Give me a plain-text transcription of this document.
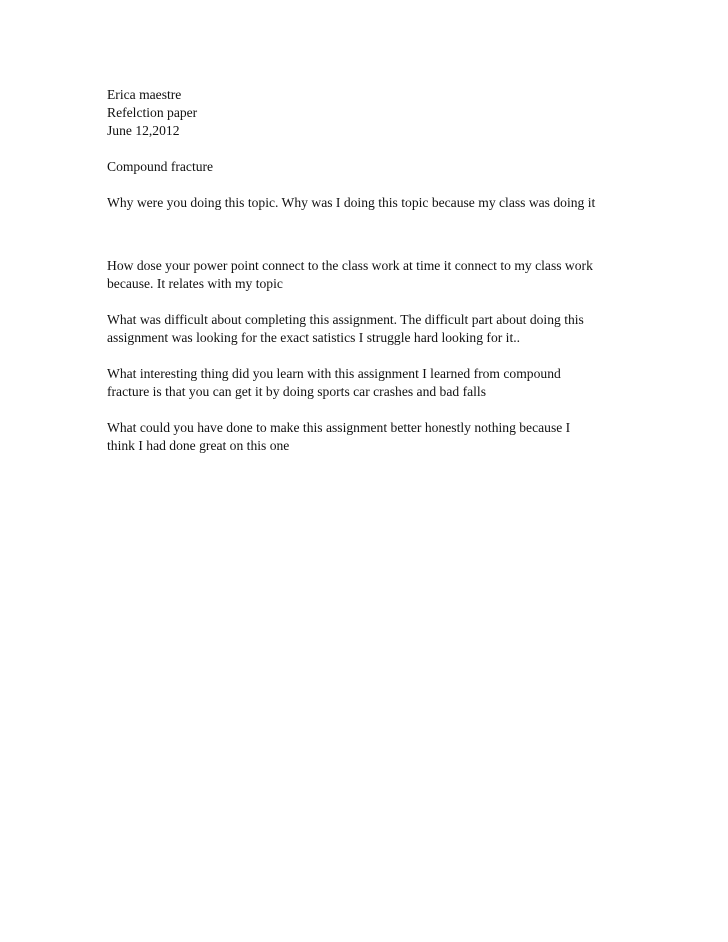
Erica maestre
Refelction paper
June 12,2012
Compound fracture
Why were you doing this topic. Why was I doing this topic because my class was doing it
How dose your power point connect to the class work at time it connect to my class work
because. It relates with my topic
What was difficult about completing this assignment. The difficult part about doing this
assignment was looking for the exact satistics I struggle hard looking for it..
What interesting thing did you learn with this assignment I learned from compound
fracture is that you can get it by doing sports car crashes and bad falls
What could you have done to make this assignment better honestly nothing because I
think I had done great on this one
